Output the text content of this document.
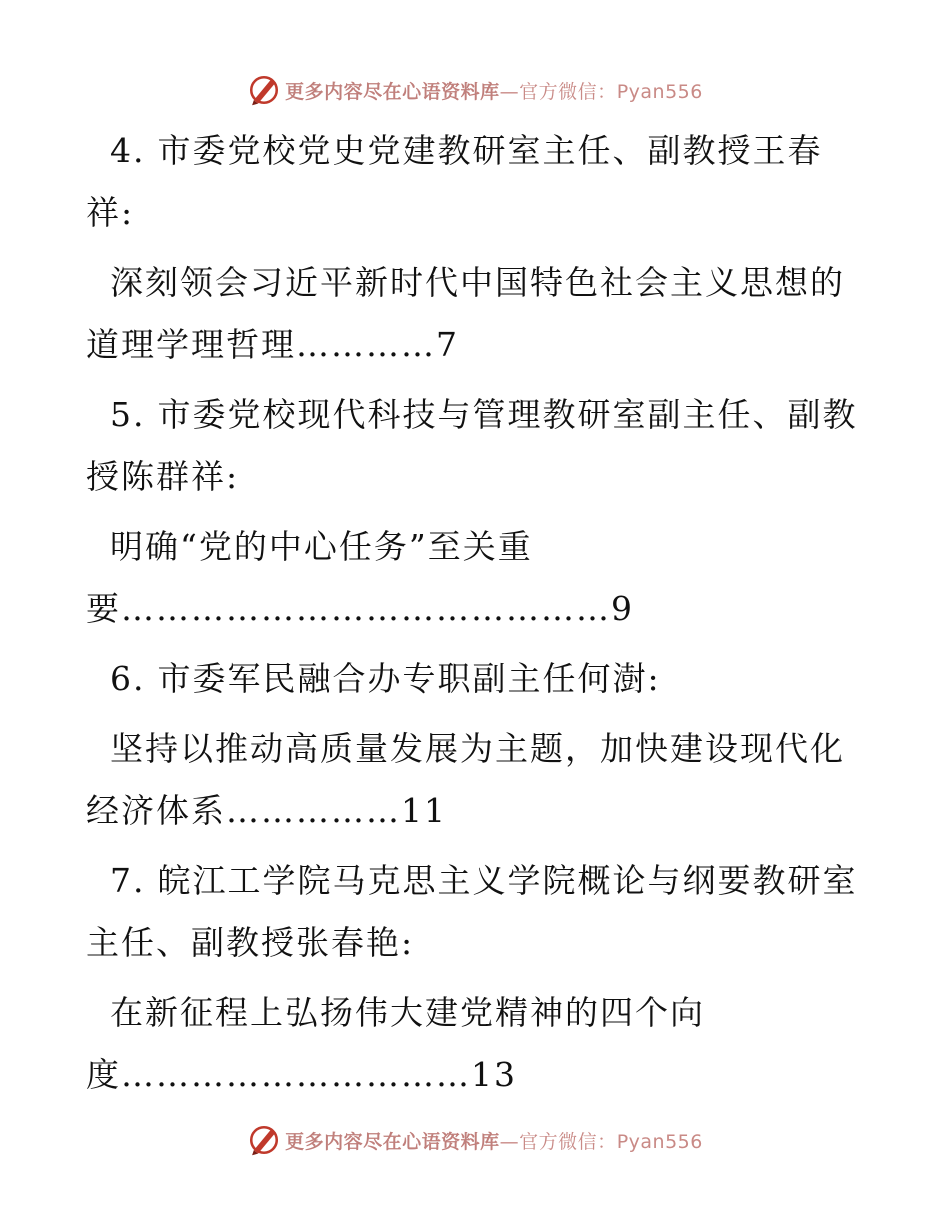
更多内容尽在心语资料库—官方微信：Pyan556
4. 市委党校党史党建教研室主任、副教授王春
祥:
深刻领会习近平新时代中国特色社会主义思想的
道理学理哲理…………7
5. 市委党校现代科技与管理教研室副主任、副教
授陈群祥:
明确“党的中心任务”至关重
要……………………………………9
6. 市委军民融合办专职副主任何澍:
坚持以推动高质量发展为主题，加快建设现代化
经济体系……………11
7. 皖江工学院马克思主义学院概论与纲要教研室
主任、副教授张春艳:
在新征程上弘扬伟大建党精神的四个向
度…………………………13
更多内容尽在心语资料库—官方微信：Pyan556
